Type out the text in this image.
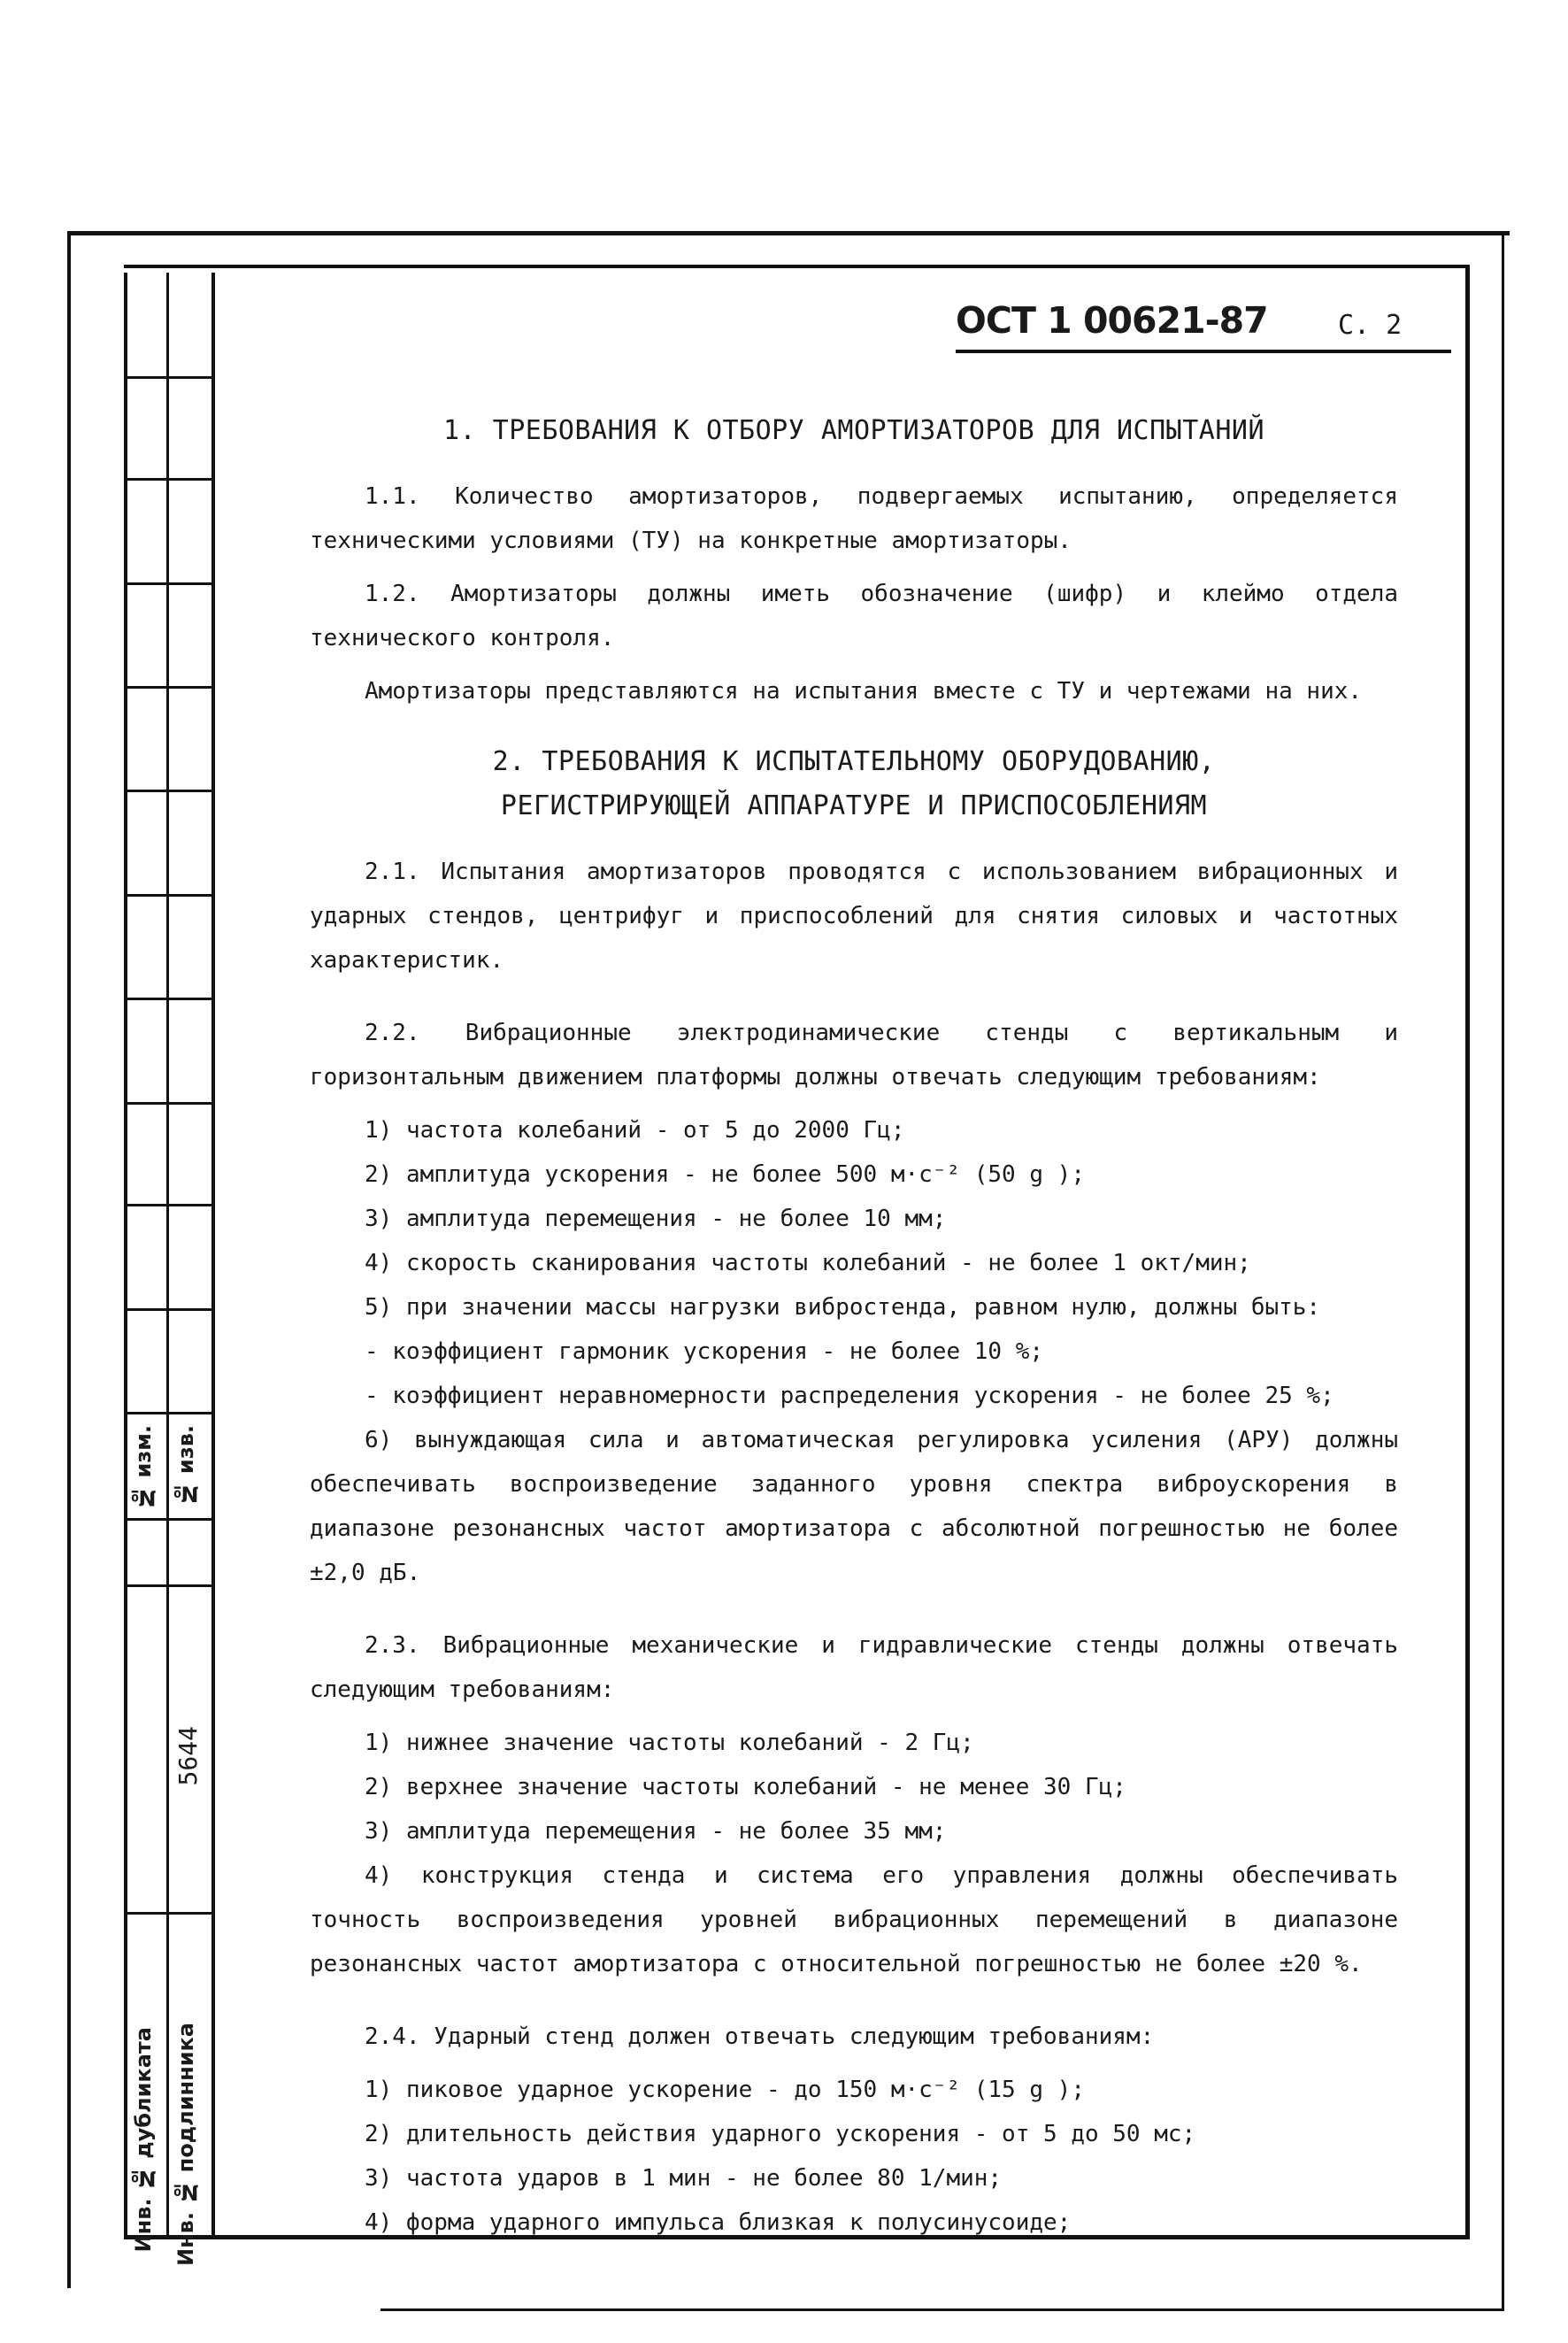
№ изм. № изв.
5644
Инв. № дубликата Инв. № подлинника
ОСТ 1 00621-87	С. 2
1. ТРЕБОВАНИЯ К ОТБОРУ АМОРТИЗАТОРОВ ДЛЯ ИСПЫТАНИЙ
1.1. Количество амортизаторов, подвергаемых испытанию, определяется техническими условиями (ТУ) на конкретные амортизаторы.
1.2. Амортизаторы должны иметь обозначение (шифр) и клеймо отдела технического контроля.
Амортизаторы представляются на испытания вместе с ТУ и чертежами на них.
2. ТРЕБОВАНИЯ К ИСПЫТАТЕЛЬНОМУ ОБОРУДОВАНИЮ,
РЕГИСТРИРУЮЩЕЙ АППАРАТУРЕ И ПРИСПОСОБЛЕНИЯМ
2.1. Испытания амортизаторов проводятся с использованием вибрационных и ударных стендов, центрифуг и приспособлений для снятия силовых и частотных характеристик.
2.2. Вибрационные электродинамические стенды с вертикальным и горизонтальным движением платформы должны отвечать следующим требованиям:
1) частота колебаний - от 5 до 2000 Гц;
2) амплитуда ускорения - не более 500 м·с⁻² (50 g );
3) амплитуда перемещения - не более 10 мм;
4) скорость сканирования частоты колебаний - не более 1 окт/мин;
5) при значении массы нагрузки вибростенда, равном нулю, должны быть:
- коэффициент гармоник ускорения - не более 10 %;
- коэффициент неравномерности распределения ускорения - не более 25 %;
6) вынуждающая сила и автоматическая регулировка усиления (АРУ) должны обеспечивать воспроизведение заданного уровня спектра виброускорения в диапазоне резонансных частот амортизатора с абсолютной погрешностью не более ±2,0 дБ.
2.3. Вибрационные механические и гидравлические стенды должны отвечать следующим требованиям:
1) нижнее значение частоты колебаний - 2 Гц;
2) верхнее значение частоты колебаний - не менее 30 Гц;
3) амплитуда перемещения - не более 35 мм;
4) конструкция стенда и система его управления должны обеспечивать точность воспроизведения уровней вибрационных перемещений в диапазоне резонансных частот амортизатора с относительной погрешностью не более ±20 %.
2.4. Ударный стенд должен отвечать следующим требованиям:
1) пиковое ударное ускорение - до 150 м·с⁻² (15 g );
2) длительность действия ударного ускорения - от 5 до 50 мс;
3) частота ударов в 1 мин - не более 80 1/мин;
4) форма ударного импульса близкая к полусинусоиде;
